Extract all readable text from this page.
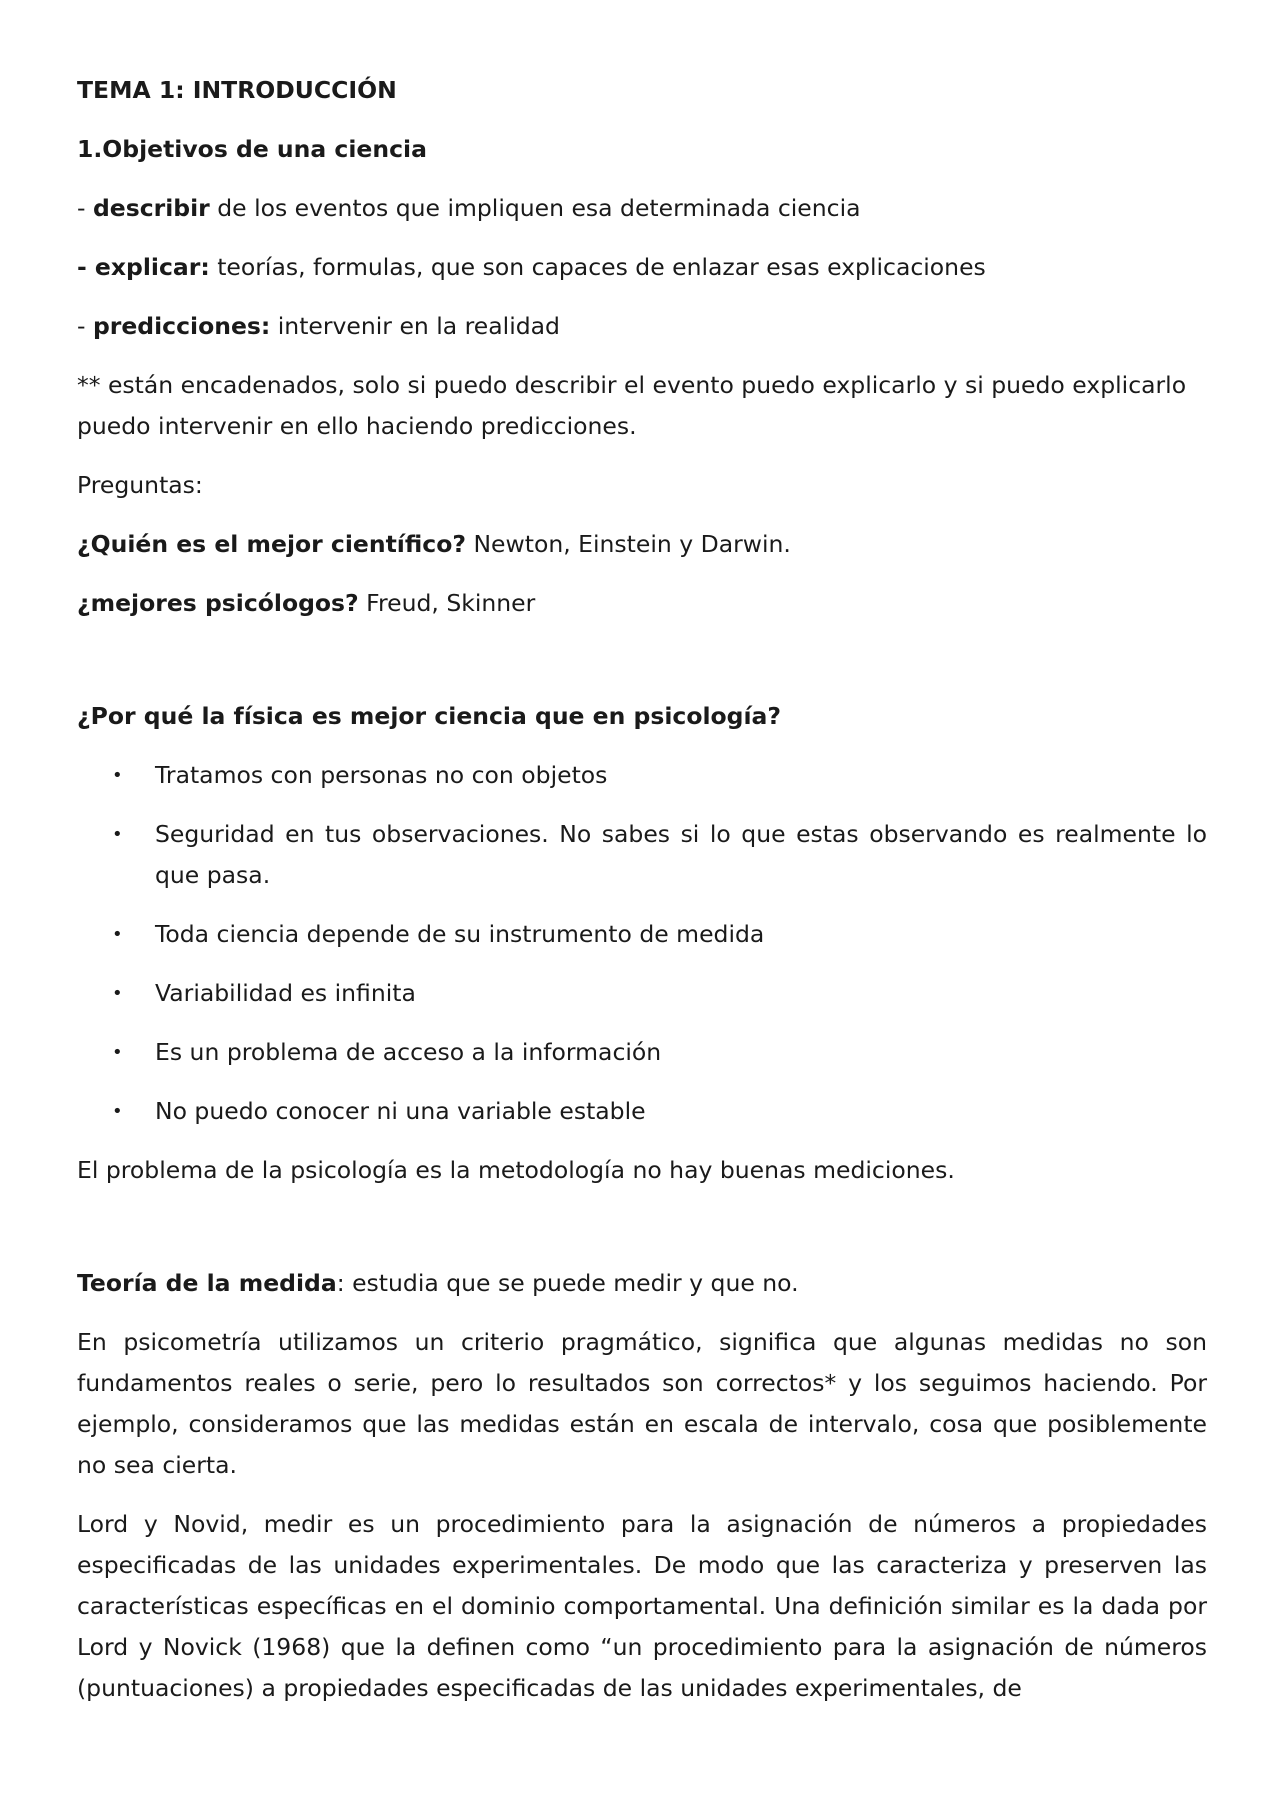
TEMA 1: INTRODUCCIÓN

1.Objetivos de una ciencia

- describir de los eventos que impliquen esa determinada ciencia

- explicar: teorías, formulas, que son capaces de enlazar esas explicaciones

- predicciones: intervenir en la realidad

** están encadenados, solo si puedo describir el evento puedo explicarlo y si puedo explicarlo puedo intervenir en ello haciendo predicciones.

Preguntas:

¿Quién es el mejor científico? Newton, Einstein y Darwin.

¿mejores psicólogos? Freud, Skinner

¿Por qué la física es mejor ciencia que en psicología?

• Tratamos con personas no con objetos
• Seguridad en tus observaciones. No sabes si lo que estas observando es realmente lo que pasa.
• Toda ciencia depende de su instrumento de medida
• Variabilidad es infinita
• Es un problema de acceso a la información
• No puedo conocer ni una variable estable

El problema de la psicología es la metodología no hay buenas mediciones.

Teoría de la medida: estudia que se puede medir y que no.

En psicometría utilizamos un criterio pragmático, significa que algunas medidas no son fundamentos reales o serie, pero lo resultados son correctos* y los seguimos haciendo. Por ejemplo, consideramos que las medidas están en escala de intervalo, cosa que posiblemente no sea cierta.

Lord y Novid, medir es un procedimiento para la asignación de números a propiedades especificadas de las unidades experimentales. De modo que las caracteriza y preserven las características específicas en el dominio comportamental. Una definición similar es la dada por Lord y Novick (1968) que la definen como “un procedimiento para la asignación de números (puntuaciones) a propiedades especificadas de las unidades experimentales, de
